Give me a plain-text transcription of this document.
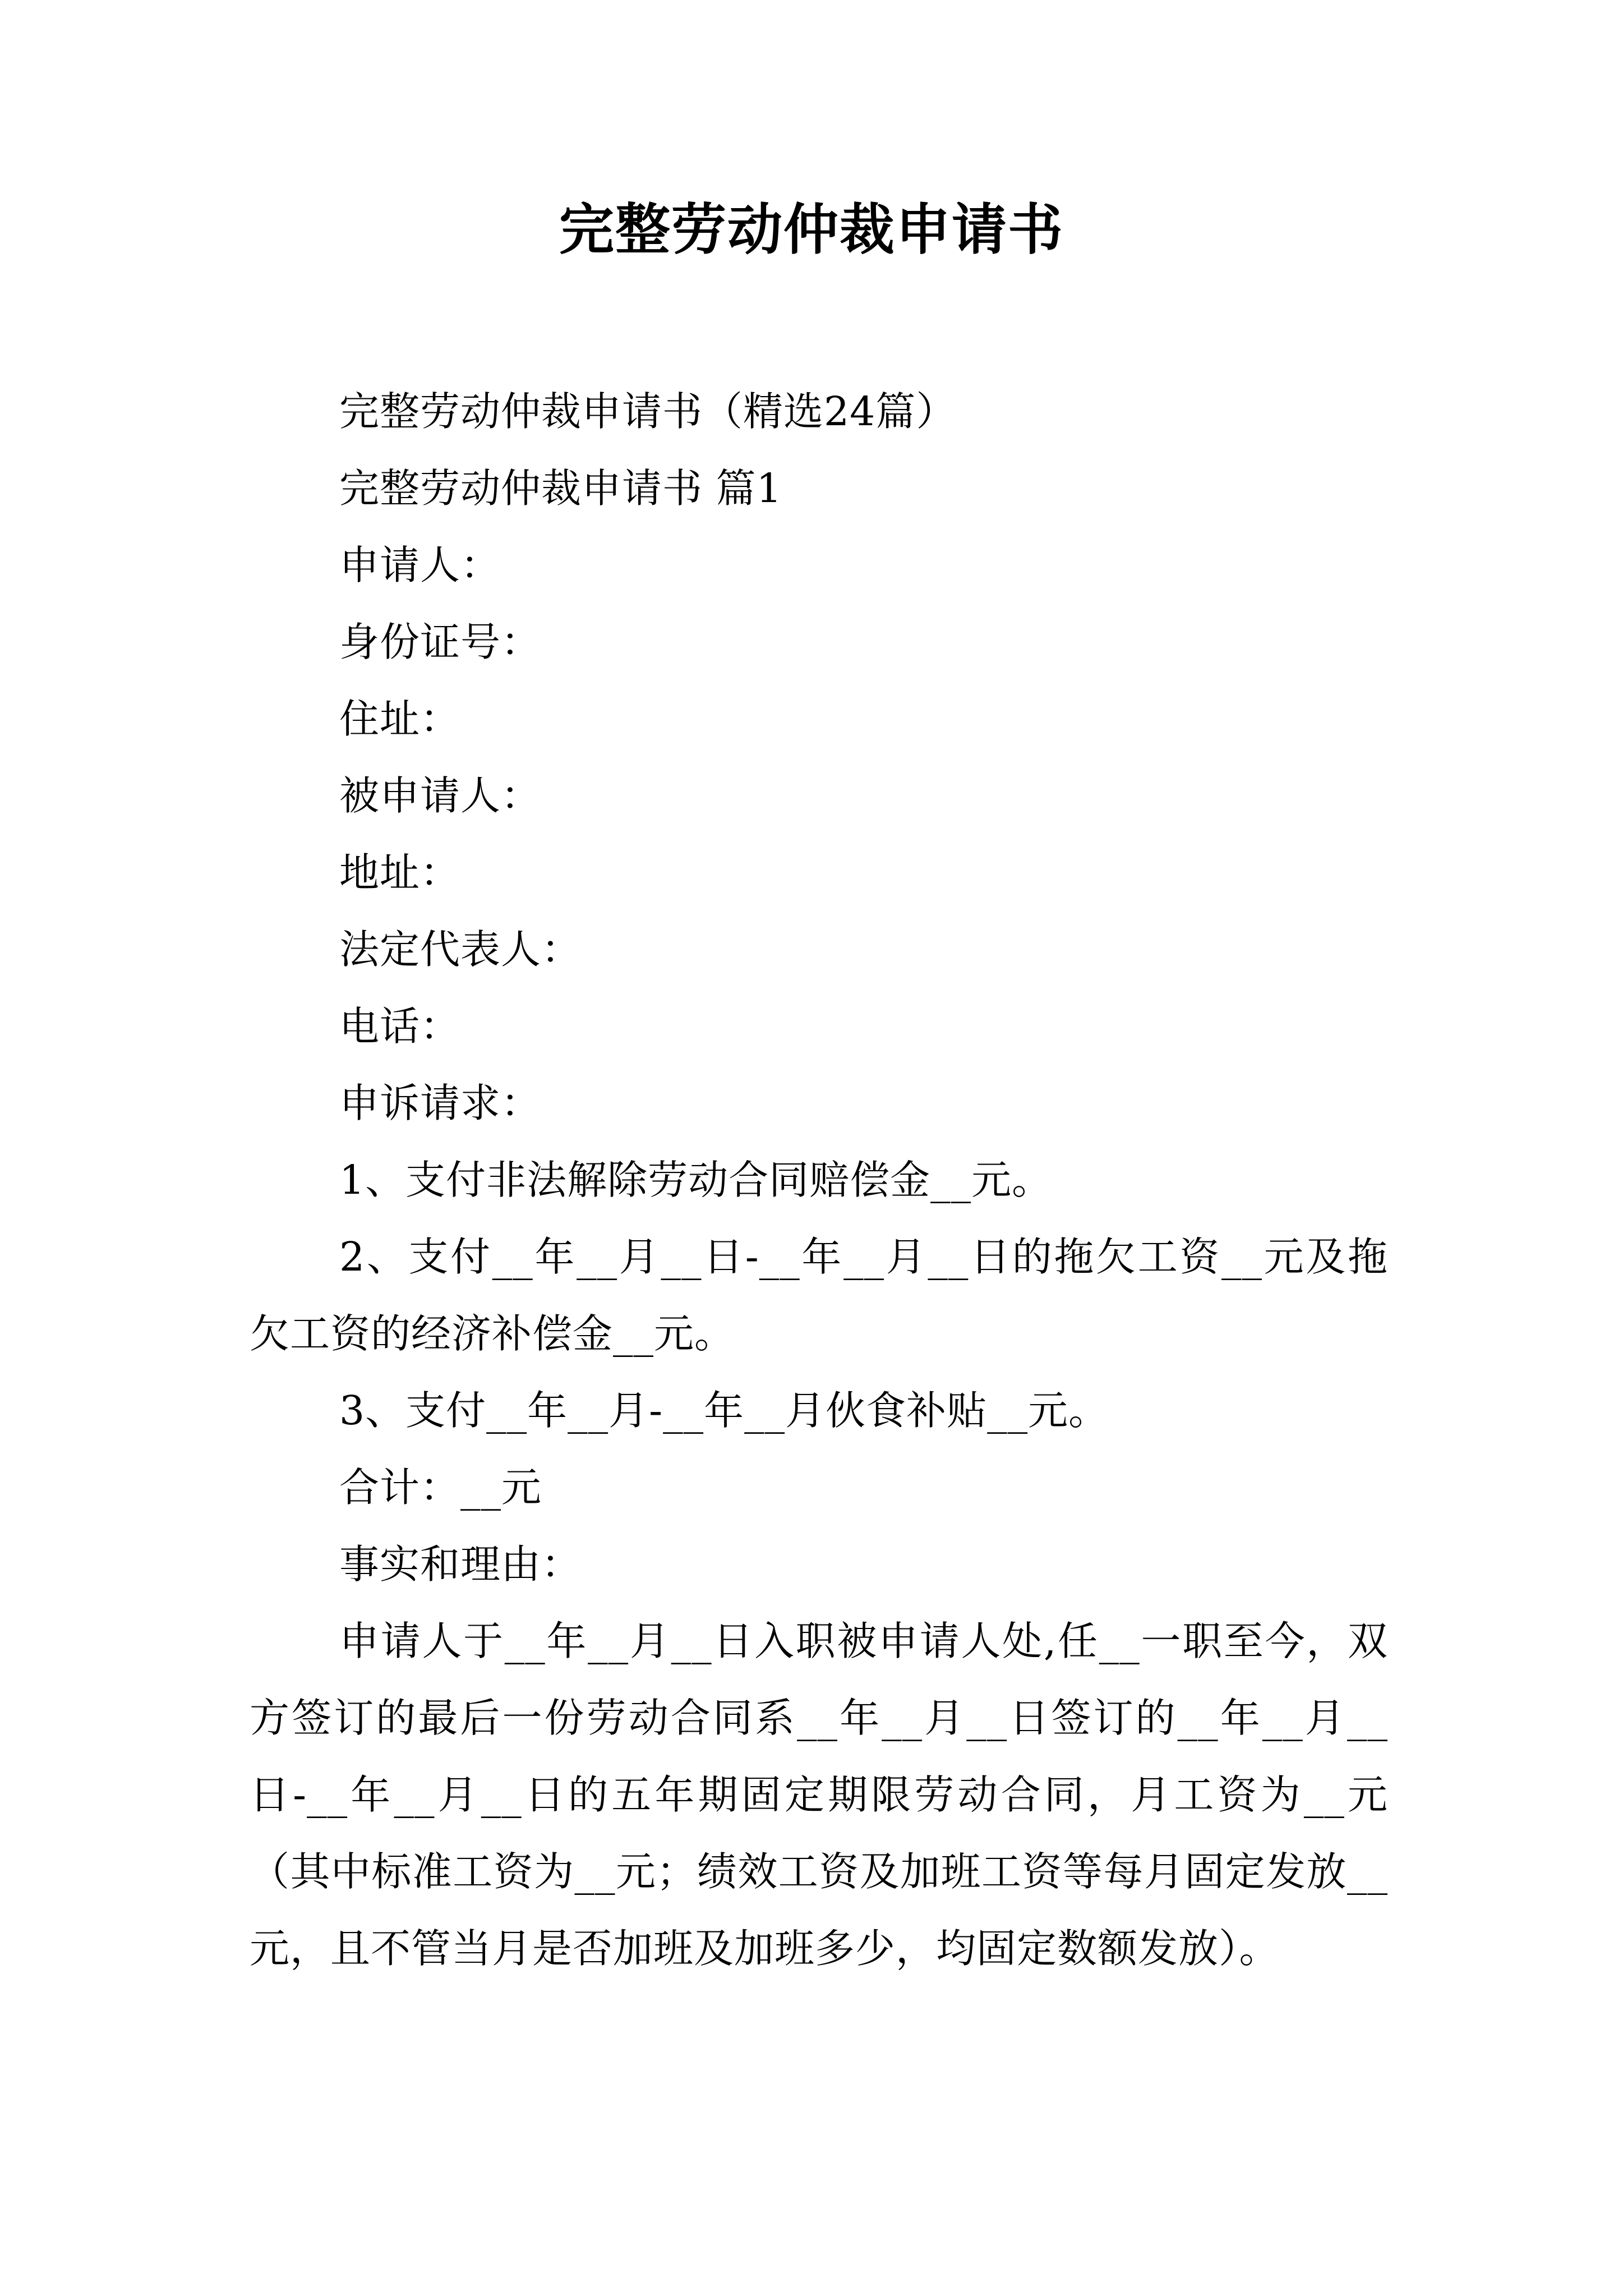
完整劳动仲裁申请书

完整劳动仲裁申请书（精选24篇）

完整劳动仲裁申请书 篇1

申请人：

身份证号：

住址：

被申请人：

地址：

法定代表人：

电话：

申诉请求：

1、支付非法解除劳动合同赔偿金__元。

2、支付__年__月__日-__年__月__日的拖欠工资__元及拖欠工资的经济补偿金__元。

3、支付__年__月-__年__月伙食补贴__元。

合计：__元

事实和理由：

申请人于__年__月__日入职被申请人处,任__一职至今，双方签订的最后一份劳动合同系__年__月__日签订的__年__月__日-__年__月__日的五年期固定期限劳动合同，月工资为__元（其中标准工资为__元；绩效工资及加班工资等每月固定发放__元，且不管当月是否加班及加班多少，均固定数额发放）。
